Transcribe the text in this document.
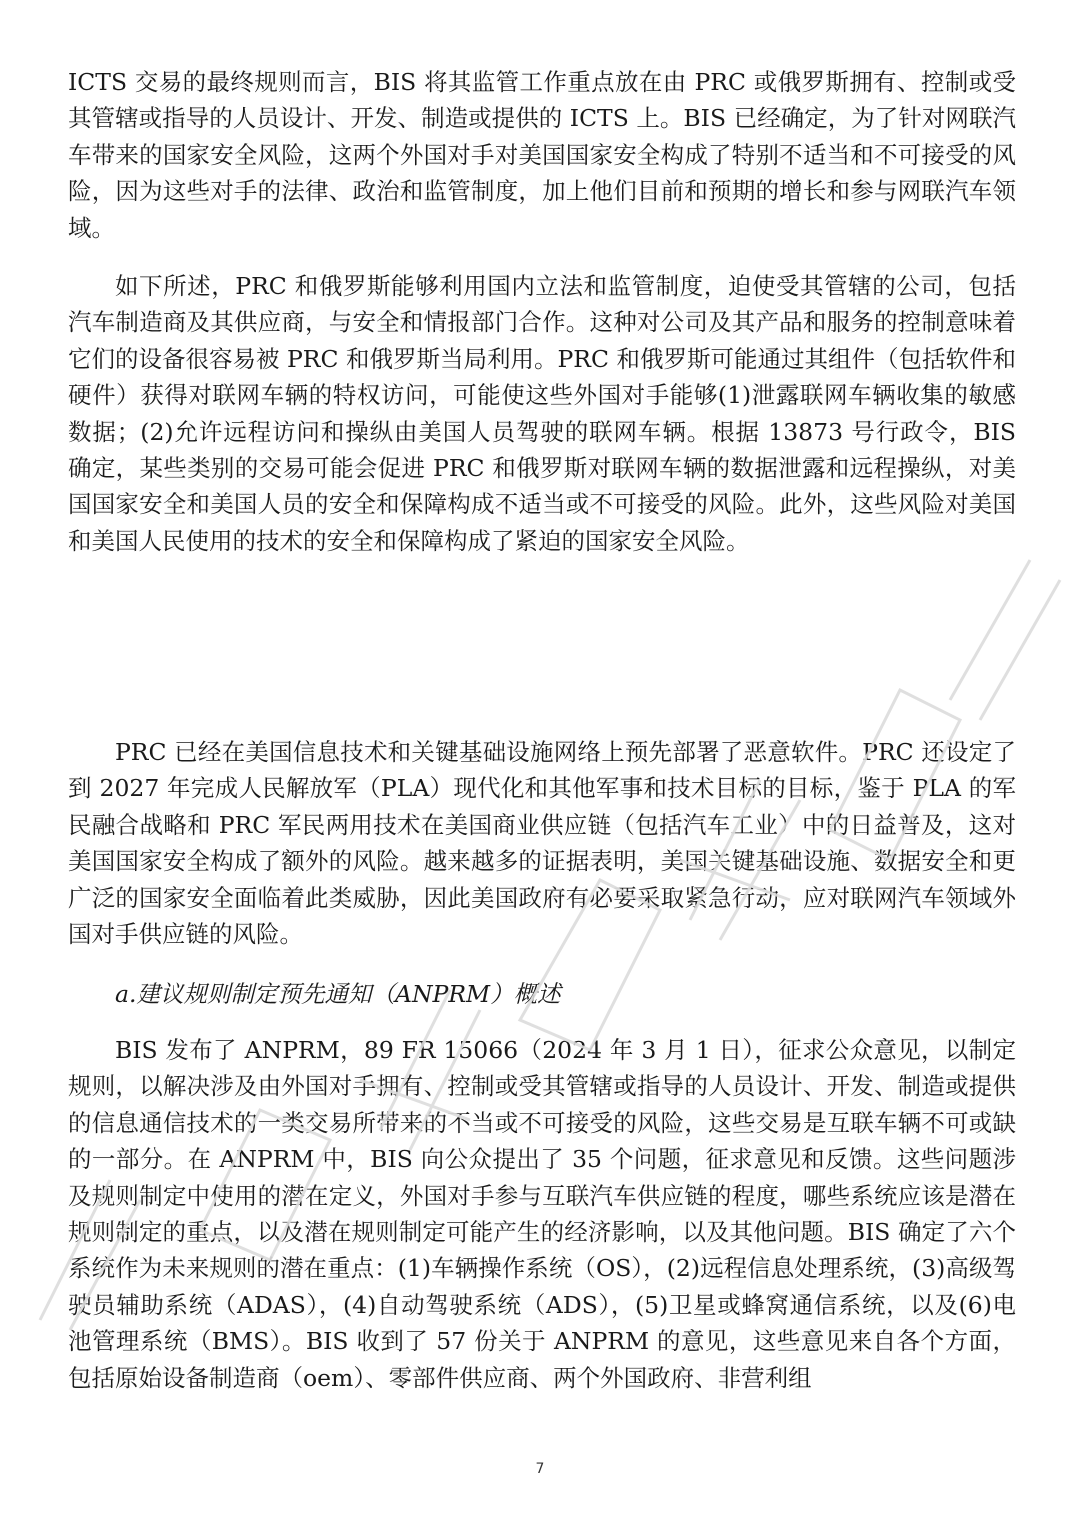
ICTS 交易的最终规则而言，BIS 将其监管工作重点放在由 PRC 或俄罗斯拥有、控制或受其管辖或指导的人员设计、开发、制造或提供的 ICTS 上。BIS 已经确定，为了针对网联汽车带来的国家安全风险，这两个外国对手对美国国家安全构成了特别不适当和不可接受的风险，因为这些对手的法律、政治和监管制度，加上他们目前和预期的增长和参与网联汽车领域。

如下所述，PRC 和俄罗斯能够利用国内立法和监管制度，迫使受其管辖的公司，包括汽车制造商及其供应商，与安全和情报部门合作。这种对公司及其产品和服务的控制意味着它们的设备很容易被 PRC 和俄罗斯当局利用。PRC 和俄罗斯可能通过其组件（包括软件和硬件）获得对联网车辆的特权访问，可能使这些外国对手能够(1)泄露联网车辆收集的敏感数据；(2)允许远程访问和操纵由美国人员驾驶的联网车辆。根据 13873 号行政令，BIS 确定，某些类别的交易可能会促进 PRC 和俄罗斯对联网车辆的数据泄露和远程操纵，对美国国家安全和美国人员的安全和保障构成不适当或不可接受的风险。此外，这些风险对美国和美国人民使用的技术的安全和保障构成了紧迫的国家安全风险。

PRC 已经在美国信息技术和关键基础设施网络上预先部署了恶意软件。PRC 还设定了到 2027 年完成人民解放军（PLA）现代化和其他军事和技术目标的目标，鉴于 PLA 的军民融合战略和 PRC 军民两用技术在美国商业供应链（包括汽车工业）中的日益普及，这对美国国家安全构成了额外的风险。越来越多的证据表明，美国关键基础设施、数据安全和更广泛的国家安全面临着此类威胁，因此美国政府有必要采取紧急行动，应对联网汽车领域外国对手供应链的风险。

a.建议规则制定预先通知（ANPRM）概述

BIS 发布了 ANPRM，89 FR 15066（2024 年 3 月 1 日），征求公众意见，以制定规则，以解决涉及由外国对手拥有、控制或受其管辖或指导的人员设计、开发、制造或提供的信息通信技术的一类交易所带来的不当或不可接受的风险，这些交易是互联车辆不可或缺的一部分。在 ANPRM 中，BIS 向公众提出了 35 个问题，征求意见和反馈。这些问题涉及规则制定中使用的潜在定义，外国对手参与互联汽车供应链的程度，哪些系统应该是潜在规则制定的重点，以及潜在规则制定可能产生的经济影响，以及其他问题。BIS 确定了六个系统作为未来规则的潜在重点：(1)车辆操作系统（OS），(2)远程信息处理系统，(3)高级驾驶员辅助系统（ADAS），(4)自动驾驶系统（ADS），(5)卫星或蜂窝通信系统，以及(6)电池管理系统（BMS）。BIS 收到了 57 份关于 ANPRM 的意见，这些意见来自各个方面，包括原始设备制造商（oem）、零部件供应商、两个外国政府、非营利组

7
